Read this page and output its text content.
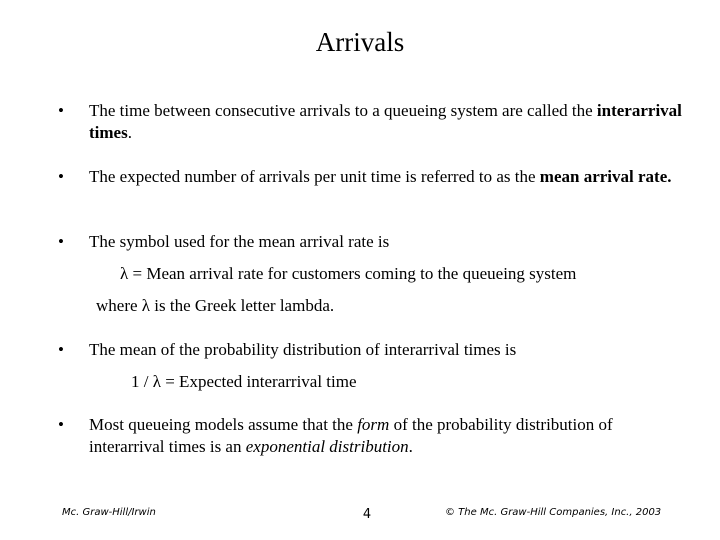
Arrivals
• The time between consecutive arrivals to a queueing system are called the interarrival times.
• The expected number of arrivals per unit time is referred to as the mean arrival rate.
• The symbol used for the mean arrival rate is
λ = Mean arrival rate for customers coming to the queueing system
where λ is the Greek letter lambda.
• The mean of the probability distribution of interarrival times is
1 / λ = Expected interarrival time
• Most queueing models assume that the form of the probability distribution of interarrival times is an exponential distribution.
Mc. Graw-Hill/Irwin	4	© The Mc. Graw-Hill Companies, Inc., 2003
